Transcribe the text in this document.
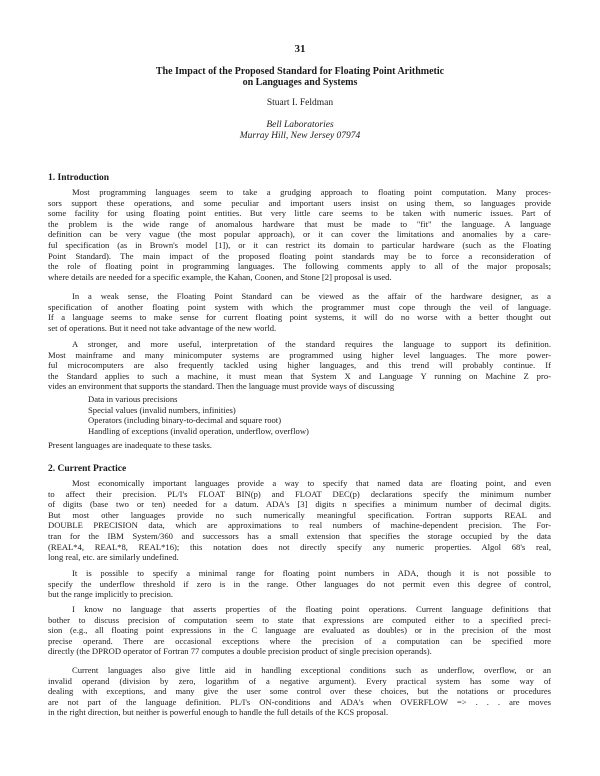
31
The Impact of the Proposed Standard for Floating Point Arithmetic
on Languages and Systems
Stuart I. Feldman
Bell Laboratories
Murray Hill, New Jersey 07974
1. Introduction
Most programming languages seem to take a grudging approach to floating point computation. Many proces-
sors support these operations, and some peculiar and important users insist on using them, so languages provide
some facility for using floating point entities. But very little care seems to be taken with numeric issues. Part of
the problem is the wide range of anomalous hardware that must be made to "fit" the language. A language
definition can be very vague (the most popular approach), or it can cover the limitations and anomalies by a care-
ful specification (as in Brown's model [1]), or it can restrict its domain to particular hardware (such as the Floating
Point Standard). The main impact of the proposed floating point standards may be to force a reconsideration of
the role of floating point in programming languages. The following comments apply to all of the major proposals;
where details are needed for a specific example, the Kahan, Coonen, and Stone [2] proposal is used.
In a weak sense, the Floating Point Standard can be viewed as the affair of the hardware designer, as a
specification of another floating point system with which the programmer must cope through the veil of language.
If a language seems to make sense for current floating point systems, it will do no worse with a better thought out
set of operations. But it need not take advantage of the new world.
A stronger, and more useful, interpretation of the standard requires the language to support its definition.
Most mainframe and many minicomputer systems are programmed using higher level languages. The more power-
ful microcomputers are also frequently tackled using higher languages, and this trend will probably continue. If
the Standard applies to such a machine, it must mean that System X and Language Y running on Machine Z pro-
vides an environment that supports the standard. Then the language must provide ways of discussing
Data in various precisions
Special values (invalid numbers, infinities)
Operators (including binary-to-decimal and square root)
Handling of exceptions (invalid operation, underflow, overflow)
Present languages are inadequate to these tasks.
2. Current Practice
Most economically important languages provide a way to specify that named data are floating point, and even
to affect their precision. PL/I's FLOAT BIN(p) and FLOAT DEC(p) declarations specify the minimum number
of digits (base two or ten) needed for a datum. ADA's [3] digits n specifies a minimum number of decimal digits.
But most other languages provide no such numerically meaningful specification. Fortran supports REAL and
DOUBLE PRECISION data, which are approximations to real numbers of machine-dependent precision. The For-
tran for the IBM System/360 and successors has a small extension that specifies the storage occupied by the data
(REAL*4, REAL*8, REAL*16); this notation does not directly specify any numeric properties. Algol 68's real,
long real, etc. are similarly undefined.
It is possible to specify a minimal range for floating point numbers in ADA, though it is not possible to
specify the underflow threshold if zero is in the range. Other languages do not permit even this degree of control,
but the range implicitly to precision.
I know no language that asserts properties of the floating point operations. Current language definitions that
bother to discuss precision of computation seem to state that expressions are computed either to a specified preci-
sion (e.g., all floating point expressions in the C language are evaluated as doubles) or in the precision of the most
precise operand. There are occasional exceptions where the precision of a computation can be specified more
directly (the DPROD operator of Fortran 77 computes a double precision product of single precision operands).
Current languages also give little aid in handling exceptional conditions such as underflow, overflow, or an
invalid operand (division by zero, logarithm of a negative argument). Every practical system has some way of
dealing with exceptions, and many give the user some control over these choices, but the notations or procedures
are not part of the language definition. PL/I's ON-conditions and ADA's when OVERFLOW => . . . are moves
in the right direction, but neither is powerful enough to handle the full details of the KCS proposal.
